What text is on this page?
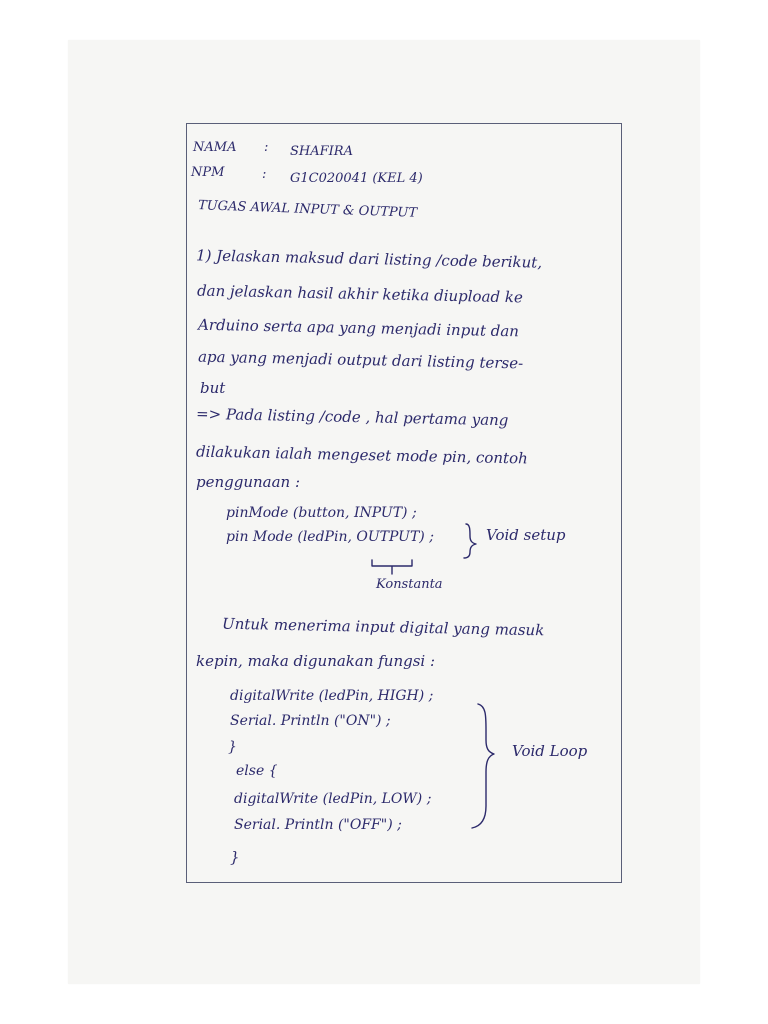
NAMA : SHAFIRA
NPM	: G1C020041 (KEL 4)
TUGAS AWAL INPUT & OUTPUT
1) Jelaskan maksud dari listing /code berikut,
dan jelaskan hasil akhir ketika diupload ke
Arduino serta apa yang menjadi input dan
apa yang menjadi output dari listing terse-
but
=> Pada listing /code , hal pertama yang
dilakukan ialah mengeset mode pin, contoh
penggunaan :
pinMode (button, INPUT) ;
pin Mode (ledPin, OUTPUT) ;	Void setup
Konstanta
Untuk menerima input digital yang masuk
kepin, maka digunakan fungsi :
digitalWrite (ledPin, HIGH) ;
Serial. Println ("ON") ;
}
else {
digitalWrite (ledPin, LOW) ;
Serial. Println ("OFF") ;
}
Void Loop
